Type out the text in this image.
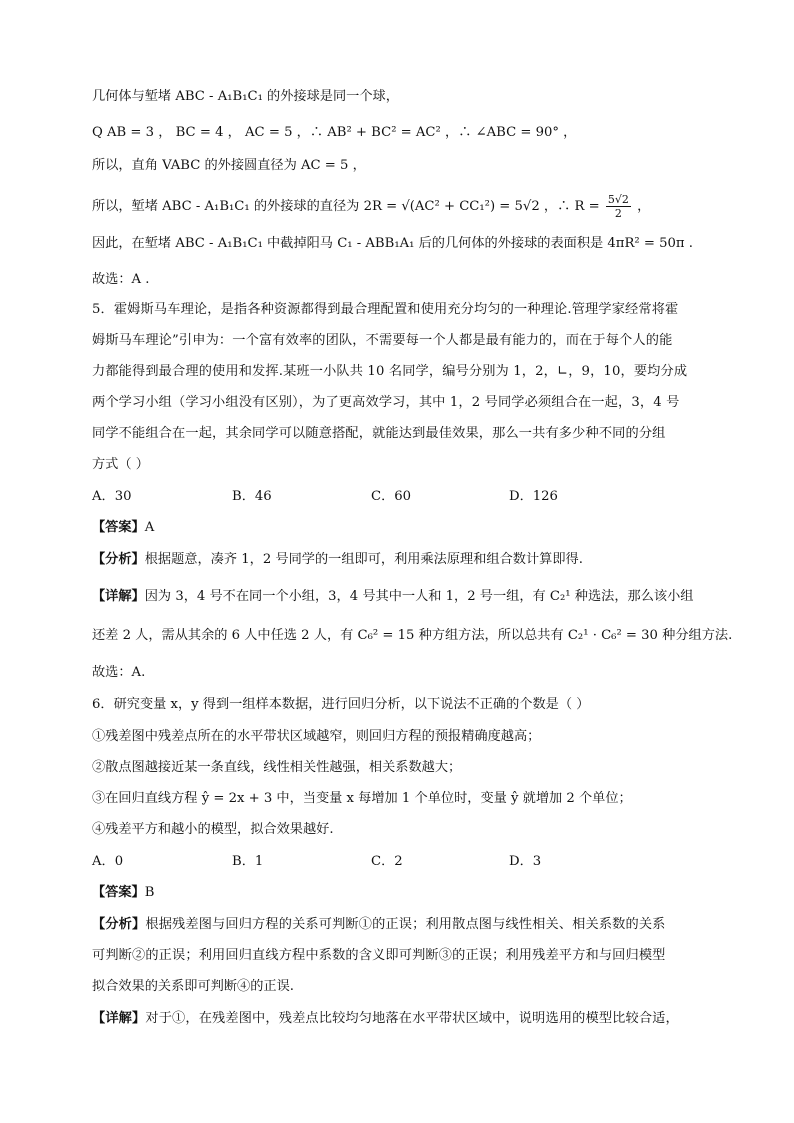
几何体与堑堵 ABC - A₁B₁C₁ 的外接球是同一个球，
Q AB = 3 ， BC = 4 ， AC = 5 ，∴ AB² + BC² = AC² ，∴ ∠ABC = 90° ，
所以，直角 VABC 的外接圆直径为 AC = 5 ，
所以，堑堵 ABC - A₁B₁C₁ 的外接球的直径为 2R = √(AC² + CC₁²) = 5√2 ，∴ $R = \frac{5√2}{2}$ ，
因此，在堑堵 ABC - A₁B₁C₁ 中截掉阳马 C₁ - ABB₁A₁ 后的几何体的外接球的表面积是 4πR² = 50π .
故选：A .
5．霍姆斯马车理论，是指各种资源都得到最合理配置和使用充分均匀的一种理论.管理学家经常将霍
姆斯马车理论”引申为：一个富有效率的团队，不需要每一个人都是最有能力的，而在于每个人的能
力都能得到最合理的使用和发挥.某班一小队共 10 名同学，编号分别为 1，2，∟，9，10，要均分成
两个学习小组（学习小组没有区别），为了更高效学习，其中 1，2 号同学必须组合在一起，3，4 号
同学不能组合在一起，其余同学可以随意搭配，就能达到最佳效果，那么一共有多少种不同的分组
方式（ ）
A．30	B．46	C．60	D．126
【答案】A
【分析】根据题意，凑齐 1，2 号同学的一组即可，利用乘法原理和组合数计算即得.
【详解】因为 3，4 号不在同一个小组，3，4 号其中一人和 1，2 号一组，有 C₂¹ 种选法，那么该小组
还差 2 人，需从其余的 6 人中任选 2 人，有 C₆² = 15 种方组方法，所以总共有 C₂¹ · C₆² = 30 种分组方法.
故选：A.
6．研究变量 x，y 得到一组样本数据，进行回归分析，以下说法不正确的个数是（ ）
①残差图中残差点所在的水平带状区域越窄，则回归方程的预报精确度越高；
②散点图越接近某一条直线，线性相关性越强，相关系数越大；
③在回归直线方程 ŷ = 2x + 3 中，当变量 x 每增加 1 个单位时，变量 ŷ 就增加 2 个单位；
④残差平方和越小的模型，拟合效果越好.
A．0	B．1	C．2	D．3
【答案】B
【分析】根据残差图与回归方程的关系可判断①的正误；利用散点图与线性相关、相关系数的关系
可判断②的正误；利用回归直线方程中系数的含义即可判断③的正误；利用残差平方和与回归模型
拟合效果的关系即可判断④的正误.
【详解】对于①，在残差图中，残差点比较均匀地落在水平带状区域中，说明选用的模型比较合适，
